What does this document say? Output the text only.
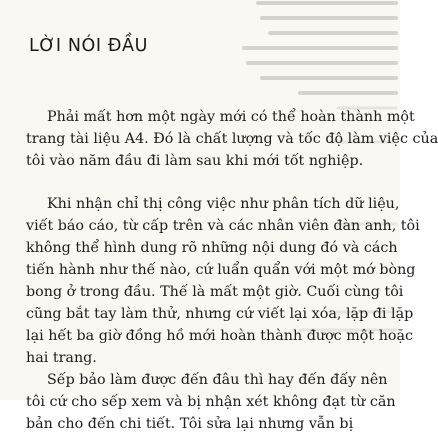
LỜI NÓI ĐẦU
Phải mất hơn một ngày mới có thể hoàn thành một
trang tài liệu A4. Đó là chất lượng và tốc độ làm việc của
tôi vào năm đầu đi làm sau khi mới tốt nghiệp.
Khi nhận chỉ thị công việc như phân tích dữ liệu,
viết báo cáo, từ cấp trên và các nhân viên đàn anh, tôi
không thể hình dung rõ những nội dung đó và cách
tiến hành như thế nào, cứ luẩn quẩn với một mớ bòng
bong ở trong đầu. Thế là mất một giờ. Cuối cùng tôi
cũng bắt tay làm thử, nhưng cứ viết lại xóa, lặp đi lặp
lại hết ba giờ đồng hồ mới hoàn thành được một hoặc
hai trang.
Sếp bảo làm được đến đâu thì hay đến đấy nên
tôi cứ cho sếp xem và bị nhận xét không đạt từ căn
bản cho đến chi tiết. Tôi sửa lại nhưng vẫn bị
